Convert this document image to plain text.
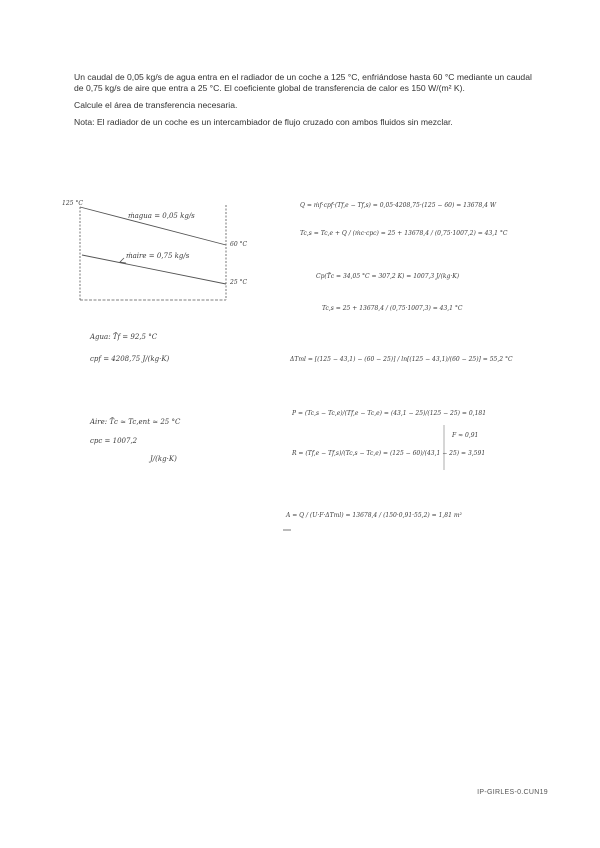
Un caudal de 0,05 kg/s de agua entra en el radiador de un coche a 125 °C, enfriándose hasta 60 °C mediante un caudal de 0,75 kg/s de aire que entra a 25 °C. El coeficiente global de transferencia de calor es 150 W/(m² K).

Calcule el área de transferencia necesaria.

Nota: El radiador de un coche es un intercambiador de flujo cruzado con ambos fluidos sin mezclar.

125 °C
ṁagua = 0,05 kg/s
60 °C
ṁaire = 0,75 kg/s
25 °C
Agua: T̄f = 92,5 °C
cpf = 4208,75 J/(kg·K)
Aire: T̄c ≈ Tc,ent ≈ 25 °C
cpc = 1007,2
J/(kg·K)
Q = ṁf·cpf·(Tf,e − Tf,s) = 0,05·4208,75·(125 − 60) = 13678,4 W
Tc,s = Tc,e + Q / (ṁc·cpc) = 25 + 13678,4 / (0,75·1007,2) = 43,1 °C
Cp(T̄c = 34,05 °C = 307,2 K) = 1007,3 J/(kg·K)
Tc,s = 25 + 13678,4 / (0,75·1007,3) = 43,1 °C
ΔTml = [(125 − 43,1) − (60 − 25)] / ln[(125 − 43,1)/(60 − 25)] = 55,2 °C
P = (Tc,s − Tc,e)/(Tf,e − Tc,e) = (43,1 − 25)/(125 − 25) = 0,181
R = (Tf,e − Tf,s)/(Tc,s − Tc,e) = (125 − 60)/(43,1 − 25) = 3,591
F ≈ 0,91
A = Q / (U·F·ΔTml) = 13678,4 / (150·0,91·55,2) = 1,81 m²
IP-GIRLES-0.CUN19
